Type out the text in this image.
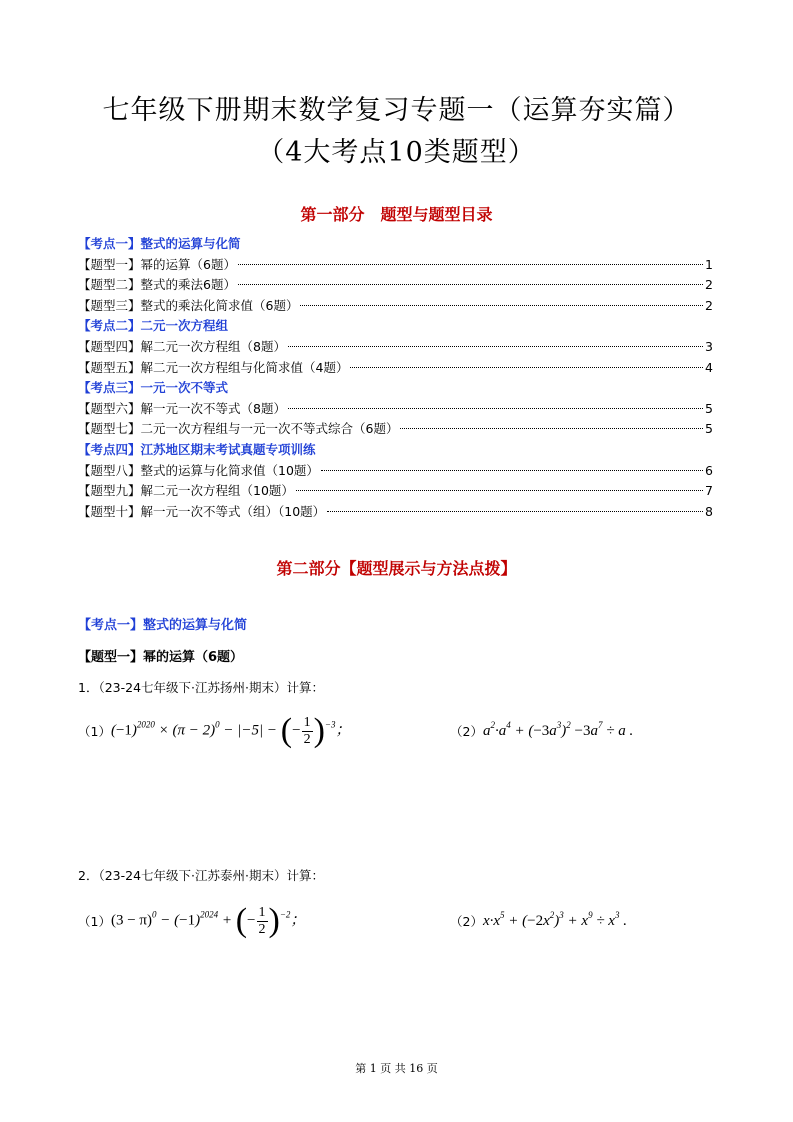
七年级下册期末数学复习专题一（运算夯实篇）
（4大考点10类题型）
第一部分　题型与题型目录
【考点一】整式的运算与化简
【题型一】幂的运算（6题）	1
【题型二】整式的乘法6题）	2
【题型三】整式的乘法化简求值（6题）	2
【考点二】二元一次方程组
【题型四】解二元一次方程组（8题）	3
【题型五】解二元一次方程组与化简求值（4题）	4
【考点三】一元一次不等式
【题型六】解一元一次不等式（8题）	5
【题型七】二元一次方程组与一元一次不等式综合（6题）	5
【考点四】江苏地区期末考试真题专项训练
【题型八】整式的运算与化简求值（10题）	6
【题型九】解二元一次方程组（10题）	7
【题型十】解一元一次不等式（组）（10题）	8
第二部分【题型展示与方法点拨】
【考点一】整式的运算与化简
【题型一】幂的运算（6题）
1．（23-24七年级下·江苏扬州·期末）计算：
（1） $(-1)^{2020} \times (\pi - 2)^0 - |-5|$ − (− $\frac{1}{2} )^{-3}$；	（2） $a^2\cdot a^4 + (-3a^3)^2 -3a^7 \div a$ .
2．（23-24七年级下·江苏泰州·期末）计算：
（1） $(3 - \pi)^0 - (-1)^{2024}$ + (− $\frac{1}{2} )^{-2}$；	（2） $x\cdot x^5 + (-2x^2)^3 + x^9 \div x^3$ .
第 1 页 共 16 页
